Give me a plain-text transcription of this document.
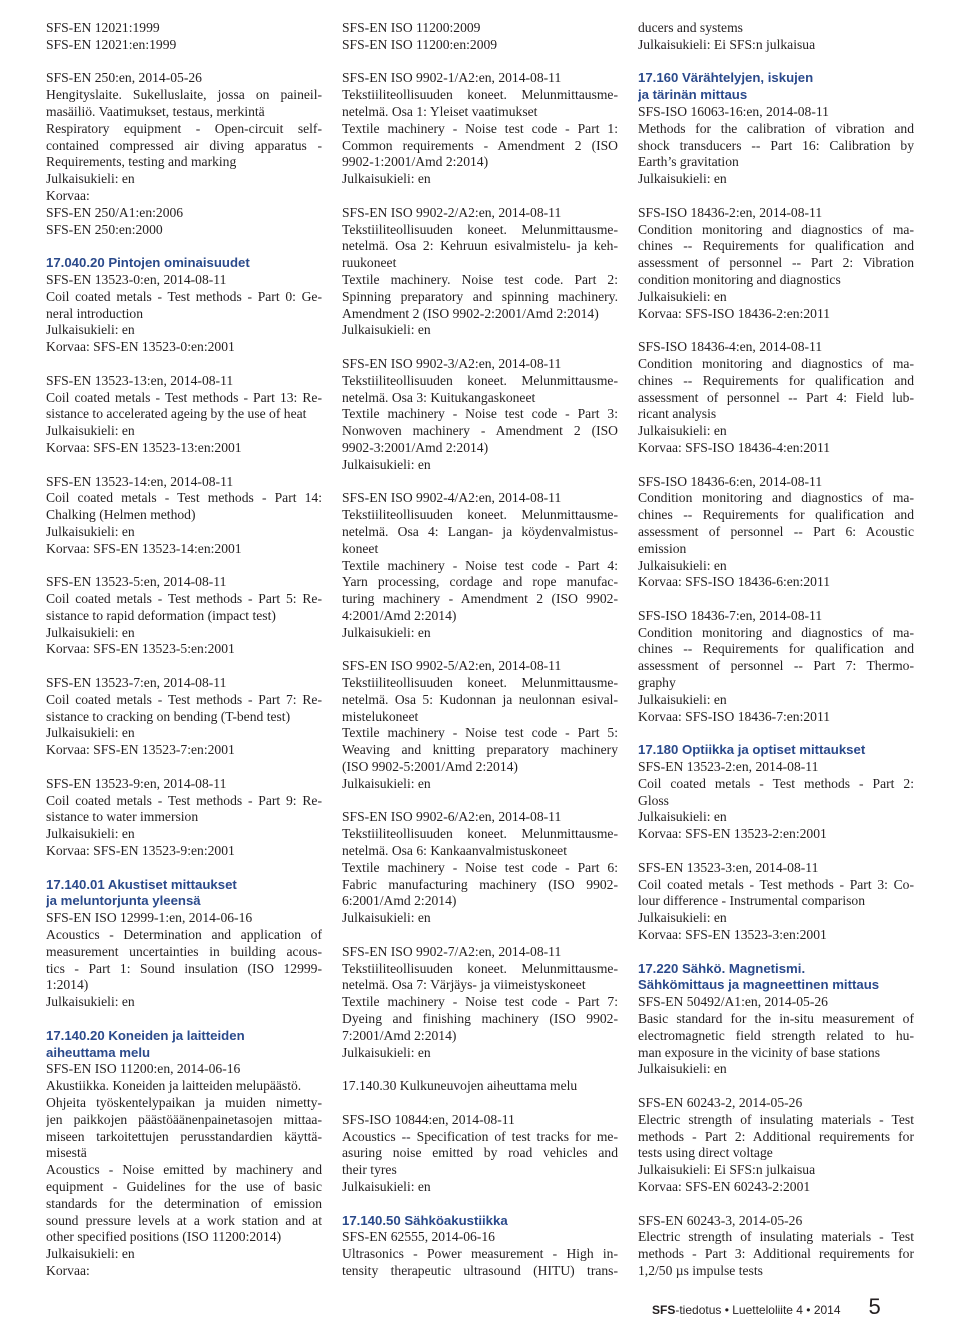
SFS-EN 12021:1999
SFS-EN 12021:en:1999
SFS-EN 250:en, 2014-05-26
Hengityslaite. Sukelluslaite, jossa on paineil-
masäiliö. Vaatimukset, testaus, merkintä
Respiratory equipment - Open-circuit self-
contained compressed air diving apparatus -
Requirements, testing and marking
Julkaisukieli: en
Korvaa:
SFS-EN 250/A1:en:2006
SFS-EN 250:en:2000
17.040.20 Pintojen ominaisuudet
SFS-EN 13523-0:en, 2014-08-11
Coil coated metals - Test methods - Part 0: Ge-
neral introduction
Julkaisukieli: en
Korvaa: SFS-EN 13523-0:en:2001
SFS-EN 13523-13:en, 2014-08-11
Coil coated metals - Test methods - Part 13: Re-
sistance to accelerated ageing by the use of heat
Julkaisukieli: en
Korvaa: SFS-EN 13523-13:en:2001
SFS-EN 13523-14:en, 2014-08-11
Coil coated metals - Test methods - Part 14:
Chalking (Helmen method)
Julkaisukieli: en
Korvaa: SFS-EN 13523-14:en:2001
SFS-EN 13523-5:en, 2014-08-11
Coil coated metals - Test methods - Part 5: Re-
sistance to rapid deformation (impact test)
Julkaisukieli: en
Korvaa: SFS-EN 13523-5:en:2001
SFS-EN 13523-7:en, 2014-08-11
Coil coated metals - Test methods - Part 7: Re-
sistance to cracking on bending (T-bend test)
Julkaisukieli: en
Korvaa: SFS-EN 13523-7:en:2001
SFS-EN 13523-9:en, 2014-08-11
Coil coated metals - Test methods - Part 9: Re-
sistance to water immersion
Julkaisukieli: en
Korvaa: SFS-EN 13523-9:en:2001
17.140.01 Akustiset mittaukset
ja meluntorjunta yleensä
SFS-EN ISO 12999-1:en, 2014-06-16
Acoustics - Determination and application of
measurement uncertainties in building acous-
tics - Part 1: Sound insulation (ISO 12999-
1:2014)
Julkaisukieli: en
17.140.20 Koneiden ja laitteiden
aiheuttama melu
SFS-EN ISO 11200:en, 2014-06-16
Akustiikka. Koneiden ja laitteiden melupäästö.
Ohjeita työskentelypaikan ja muiden nimetty-
jen paikkojen päästöäänenpainetasojen mittaa-
miseen tarkoitettujen perusstandardien käyttä-
misestä
Acoustics - Noise emitted by machinery and
equipment - Guidelines for the use of basic
standards for the determination of emission
sound pressure levels at a work station and at
other specified positions (ISO 11200:2014)
Julkaisukieli: en
Korvaa:
SFS-EN ISO 11200:2009
SFS-EN ISO 11200:en:2009
SFS-EN ISO 9902-1/A2:en, 2014-08-11
Tekstiiliteollisuuden koneet. Melunmittausme-
netelmä. Osa 1: Yleiset vaatimukset
Textile machinery - Noise test code - Part 1:
Common requirements - Amendment 2 (ISO
9902-1:2001/Amd 2:2014)
Julkaisukieli: en
SFS-EN ISO 9902-2/A2:en, 2014-08-11
Tekstiiliteollisuuden koneet. Melunmittausme-
netelmä. Osa 2: Kehruun esivalmistelu- ja keh-
ruukoneet
Textile machinery. Noise test code. Part 2:
Spinning preparatory and spinning machinery.
Amendment 2 (ISO 9902-2:2001/Amd 2:2014)
Julkaisukieli: en
SFS-EN ISO 9902-3/A2:en, 2014-08-11
Tekstiiliteollisuuden koneet. Melunmittausme-
netelmä. Osa 3: Kuitukangaskoneet
Textile machinery - Noise test code - Part 3:
Nonwoven machinery - Amendment 2 (ISO
9902-3:2001/Amd 2:2014)
Julkaisukieli: en
SFS-EN ISO 9902-4/A2:en, 2014-08-11
Tekstiiliteollisuuden koneet. Melunmittausme-
netelmä. Osa 4: Langan- ja köydenvalmistus-
koneet
Textile machinery - Noise test code - Part 4:
Yarn processing, cordage and rope manufac-
turing machinery - Amendment 2 (ISO 9902-
4:2001/Amd 2:2014)
Julkaisukieli: en
SFS-EN ISO 9902-5/A2:en, 2014-08-11
Tekstiiliteollisuuden koneet. Melunmittausme-
netelmä. Osa 5: Kudonnan ja neulonnan esival-
mistelukoneet
Textile machinery - Noise test code - Part 5:
Weaving and knitting preparatory machinery
(ISO 9902-5:2001/Amd 2:2014)
Julkaisukieli: en
SFS-EN ISO 9902-6/A2:en, 2014-08-11
Tekstiiliteollisuuden koneet. Melunmittausme-
netelmä. Osa 6: Kankaanvalmistuskoneet
Textile machinery - Noise test code - Part 6:
Fabric manufacturing machinery (ISO 9902-
6:2001/Amd 2:2014)
Julkaisukieli: en
SFS-EN ISO 9902-7/A2:en, 2014-08-11
Tekstiiliteollisuuden koneet. Melunmittausme-
netelmä. Osa 7: Värjäys- ja viimeistyskoneet
Textile machinery - Noise test code - Part 7:
Dyeing and finishing machinery (ISO 9902-
7:2001/Amd 2:2014)
Julkaisukieli: en
17.140.30 Kulkuneuvojen aiheuttama melu
SFS-ISO 10844:en, 2014-08-11
Acoustics -- Specification of test tracks for me-
asuring noise emitted by road vehicles and
their tyres
Julkaisukieli: en
17.140.50 Sähköakustiikka
SFS-EN 62555, 2014-06-16
Ultrasonics - Power measurement - High in-
tensity therapeutic ultrasound (HITU) trans-
ducers and systems
Julkaisukieli: Ei SFS:n julkaisua
17.160 Värähtelyjen, iskujen
ja tärinän mittaus
SFS-ISO 16063-16:en, 2014-08-11
Methods for the calibration of vibration and
shock transducers -- Part 16: Calibration by
Earth’s gravitation
Julkaisukieli: en
SFS-ISO 18436-2:en, 2014-08-11
Condition monitoring and diagnostics of ma-
chines -- Requirements for qualification and
assessment of personnel -- Part 2: Vibration
condition monitoring and diagnostics
Julkaisukieli: en
Korvaa: SFS-ISO 18436-2:en:2011
SFS-ISO 18436-4:en, 2014-08-11
Condition monitoring and diagnostics of ma-
chines -- Requirements for qualification and
assessment of personnel -- Part 4: Field lub-
ricant analysis
Julkaisukieli: en
Korvaa: SFS-ISO 18436-4:en:2011
SFS-ISO 18436-6:en, 2014-08-11
Condition monitoring and diagnostics of ma-
chines -- Requirements for qualification and
assessment of personnel -- Part 6: Acoustic
emission
Julkaisukieli: en
Korvaa: SFS-ISO 18436-6:en:2011
SFS-ISO 18436-7:en, 2014-08-11
Condition monitoring and diagnostics of ma-
chines -- Requirements for qualification and
assessment of personnel -- Part 7: Thermo-
graphy
Julkaisukieli: en
Korvaa: SFS-ISO 18436-7:en:2011
17.180 Optiikka ja optiset mittaukset
SFS-EN 13523-2:en, 2014-08-11
Coil coated metals - Test methods - Part 2:
Gloss
Julkaisukieli: en
Korvaa: SFS-EN 13523-2:en:2001
SFS-EN 13523-3:en, 2014-08-11
Coil coated metals - Test methods - Part 3: Co-
lour difference - Instrumental comparison
Julkaisukieli: en
Korvaa: SFS-EN 13523-3:en:2001
17.220 Sähkö. Magnetismi.
Sähkömittaus ja magneettinen mittaus
SFS-EN 50492/A1:en, 2014-05-26
Basic standard for the in-situ measurement of
electromagnetic field strength related to hu-
man exposure in the vicinity of base stations
Julkaisukieli: en
SFS-EN 60243-2, 2014-05-26
Electric strength of insulating materials - Test
methods - Part 2: Additional requirements for
tests using direct voltage
Julkaisukieli: Ei SFS:n julkaisua
Korvaa: SFS-EN 60243-2:2001
SFS-EN 60243-3, 2014-05-26
Electric strength of insulating materials - Test
methods - Part 3: Additional requirements for
1,2/50 µs impulse tests
SFS -tiedotus • Luetteloliite 4 • 2014 5
